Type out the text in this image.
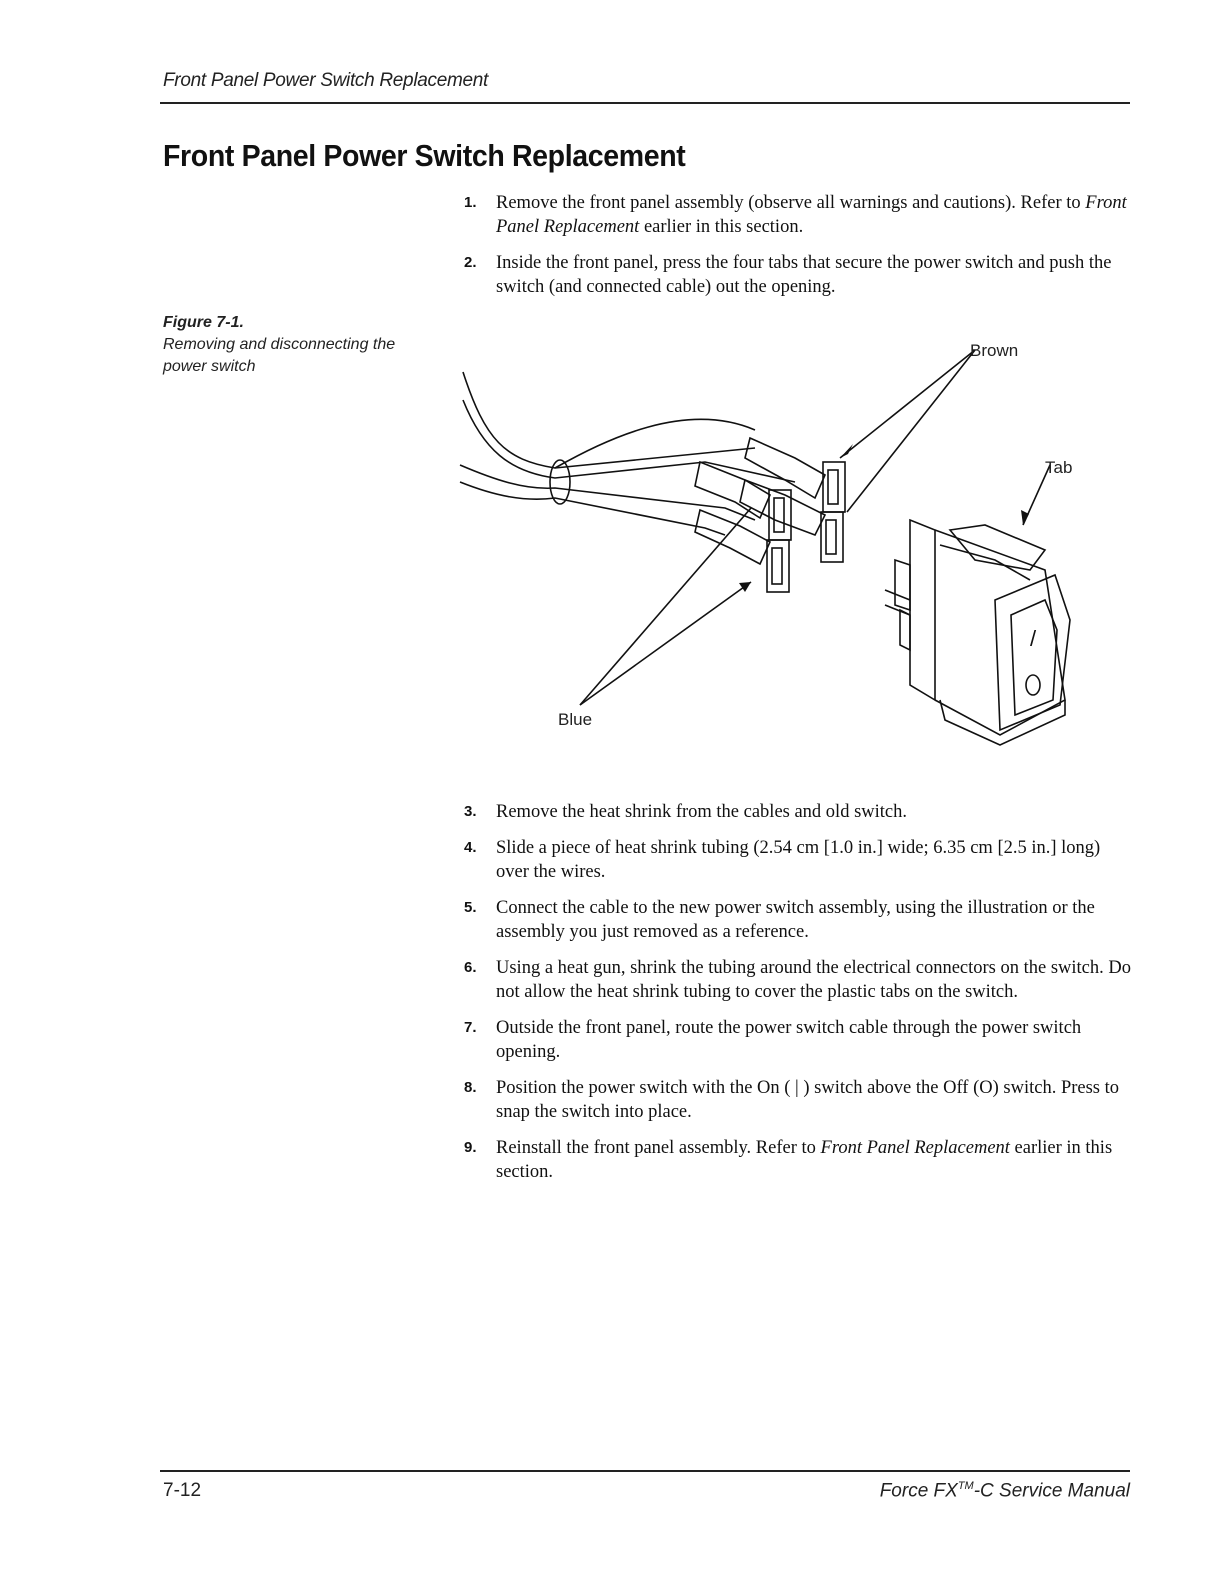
Front Panel Power Switch Replacement
Front Panel Power Switch Replacement
1. Remove the front panel assembly (observe all warnings and cautions). Refer to Front Panel Replacement earlier in this section.
2. Inside the front panel, press the four tabs that secure the power switch and push the switch (and connected cable) out the opening.
Figure 7-1.
Removing and disconnecting the power switch
/
Brown
Tab
Blue
3. Remove the heat shrink from the cables and old switch.
4. Slide a piece of heat shrink tubing (2.54 cm [1.0 in.] wide; 6.35 cm [2.5 in.] long) over the wires.
5. Connect the cable to the new power switch assembly, using the illustration or the assembly you just removed as a reference.
6. Using a heat gun, shrink the tubing around the electrical connectors on the switch. Do not allow the heat shrink tubing to cover the plastic tabs on the switch.
7. Outside the front panel, route the power switch cable through the power switch opening.
8. Position the power switch with the On ( | ) switch above the Off (O) switch. Press to snap the switch into place.
9. Reinstall the front panel assembly. Refer to Front Panel Replacement earlier in this section.
7-12	Force FX™-C Service Manual
